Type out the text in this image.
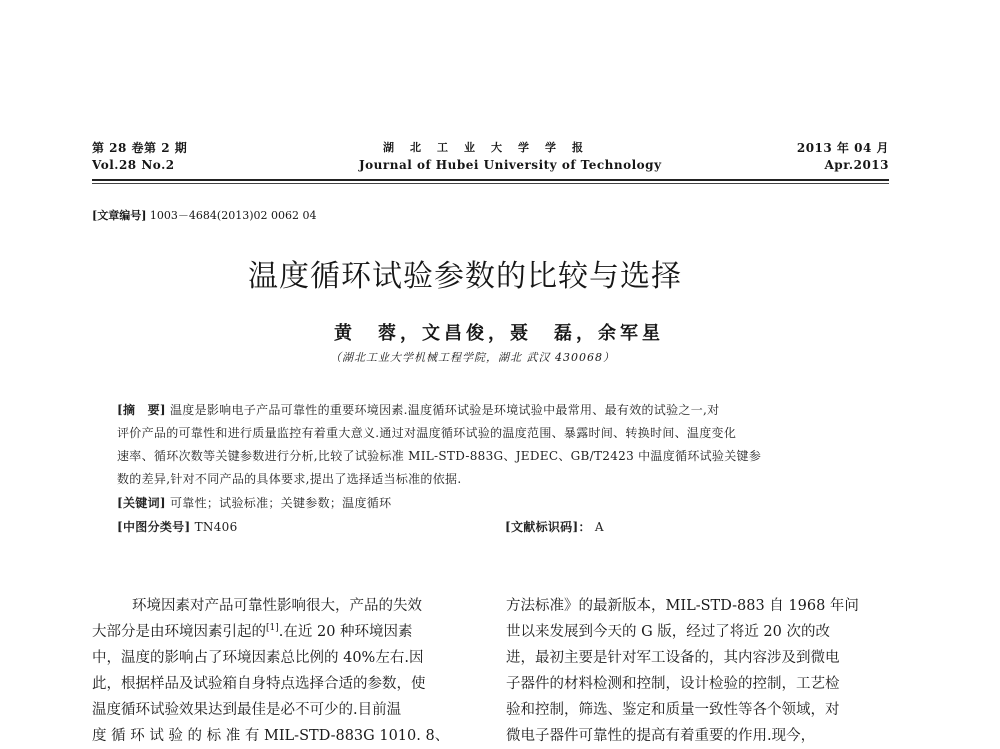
第 28 卷第 2 期
Vol.28 No.2
湖北工业大学学报
Journal of Hubei University of Technology
2013 年 04 月
Apr.2013
[文章编号] 1003－4684(2013)02 0062 04
温度循环试验参数的比较与选择
黄　蓉，文昌俊，聂　磊，余军星
（湖北工业大学机械工程学院，湖北 武汉 430068）
[摘　要] 温度是影响电子产品可靠性的重要环境因素.温度循环试验是环境试验中最常用、最有效的试验之一,对
评价产品的可靠性和进行质量监控有着重大意义.通过对温度循环试验的温度范围、暴露时间、转换时间、温度变化
速率、循环次数等关键参数进行分析,比较了试验标准 MIL-STD-883G、JEDEC、GB/T2423 中温度循环试验关键参
数的差异,针对不同产品的具体要求,提出了选择适当标准的依据.
[关键词] 可靠性；试验标准；关键参数；温度循环
[中图分类号] TN406	[文献标识码]： A
环境因素对产品可靠性影响很大，产品的失效
大部分是由环境因素引起的[1].在近 20 种环境因素
中，温度的影响占了环境因素总比例的 40%左右.因
此，根据样品及试验箱自身特点选择合适的参数，使
温度循环试验效果达到最佳是必不可少的.目前温
度 循 环 试 验 的 标 准 有 MIL-STD-883G 1010. 8、
方法标准》的最新版本，MIL-STD-883 自 1968 年问
世以来发展到今天的 G 版，经过了将近 20 次的改
进，最初主要是针对军工设备的，其内容涉及到微电
子器件的材料检测和控制，设计检验的控制，工艺检
验和控制，筛选、鉴定和质量一致性等各个领域，对
微电子器件可靠性的提高有着重要的作用.现今，
